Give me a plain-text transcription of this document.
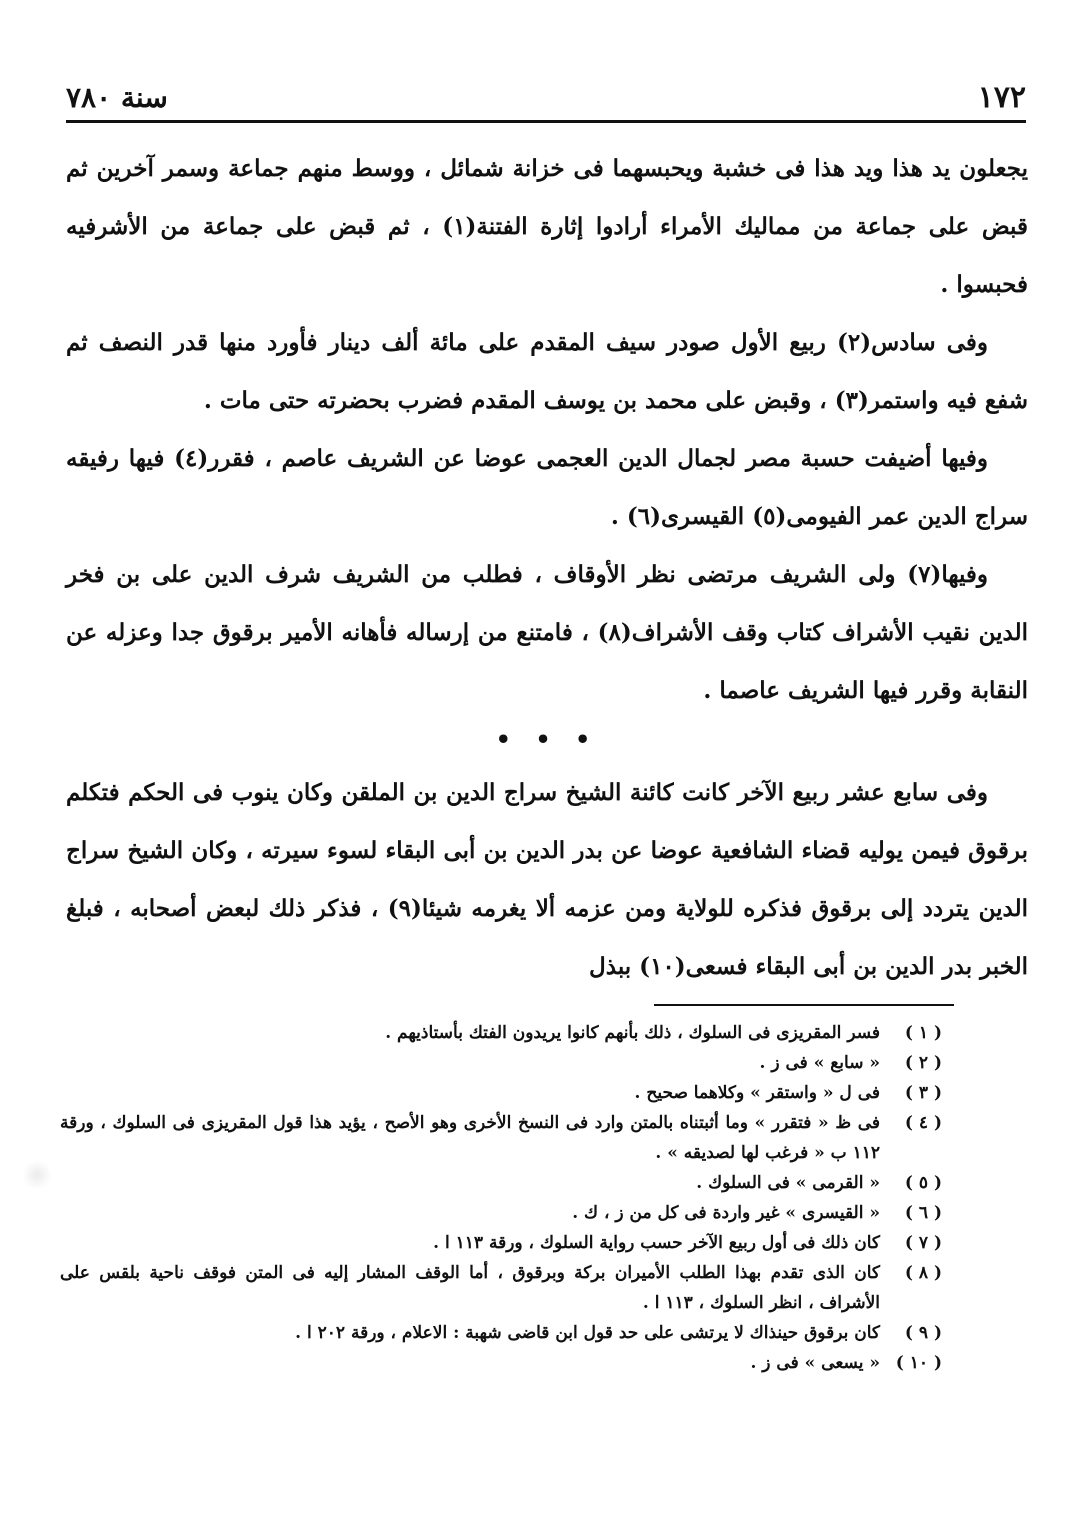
١٧٢
سنة ٧٨٠

يجعلون يد هذا ويد هذا فى خشبة ويحبسهما فى خزانة شمائل ، ووسط منهم جماعة وسمر آخرين ثم قبض على جماعة من مماليك الأمراء أرادوا إثارة الفتنة(١) ، ثم قبض على جماعة من الأشرفيه فحبسوا .

وفى سادس(٢) ربيع الأول صودر سيف المقدم على مائة ألف دينار فأورد منها قدر النصف ثم شفع فيه واستمر(٣) ، وقبض على محمد بن يوسف المقدم فضرب بحضرته حتى مات .

وفيها أضيفت حسبة مصر لجمال الدين العجمى عوضا عن الشريف عاصم ، فقرر(٤) فيها رفيقه سراج الدين عمر الفيومى(٥) القيسرى(٦) .

وفيها(٧) ولى الشريف مرتضى نظر الأوقاف ، فطلب من الشريف شرف الدين على بن فخر الدين نقيب الأشراف كتاب وقف الأشراف(٨) ، فامتنع من إرساله فأهانه الأمير برقوق جدا وعزله عن النقابة وقرر فيها الشريف عاصما .

• • •

وفى سابع عشر ربيع الآخر كانت كائنة الشيخ سراج الدين بن الملقن وكان ينوب فى الحكم فتكلم برقوق فيمن يوليه قضاء الشافعية عوضا عن بدر الدين بن أبى البقاء لسوء سيرته ، وكان الشيخ سراج الدين يتردد إلى برقوق فذكره للولاية ومن عزمه ألا يغرمه شيئا(٩) ، فذكر ذلك لبعض أصحابه ، فبلغ الخبر بدر الدين بن أبى البقاء فسعى(١٠) ببذل

( ١ )
فسر المقريزى فى السلوك ، ذلك بأنهم كانوا يريدون الفتك بأستاذيهم .
( ٢ )
« سابع » فى ز .
( ٣ )
فى ل « واستقر » وكلاهما صحيح .
( ٤ )
فى ظ « فتقرر » وما أثبتناه بالمتن وارد فى النسخ الأخرى وهو الأصح ، يؤيد هذا قول المقريزى فى السلوك ، ورقة ١١٢ ب « فرغب لها لصديقه » .
( ٥ )
« القرمى » فى السلوك .
( ٦ )
« القيسرى » غير واردة فى كل من ز ، ك .
( ٧ )
كان ذلك فى أول ربيع الآخر حسب رواية السلوك ، ورقة ١١٣ ا .
( ٨ )
كان الذى تقدم بهذا الطلب الأميران بركة وبرقوق ، أما الوقف المشار إليه فى المتن فوقف ناحية بلقس على الأشراف ، انظر السلوك ، ١١٣ ا .
( ٩ )
كان برقوق حينذاك لا يرتشى على حد قول ابن قاضى شهبة : الاعلام ، ورقة ٢٠٢ ا .
( ١٠ )
« يسعى » فى ز .
